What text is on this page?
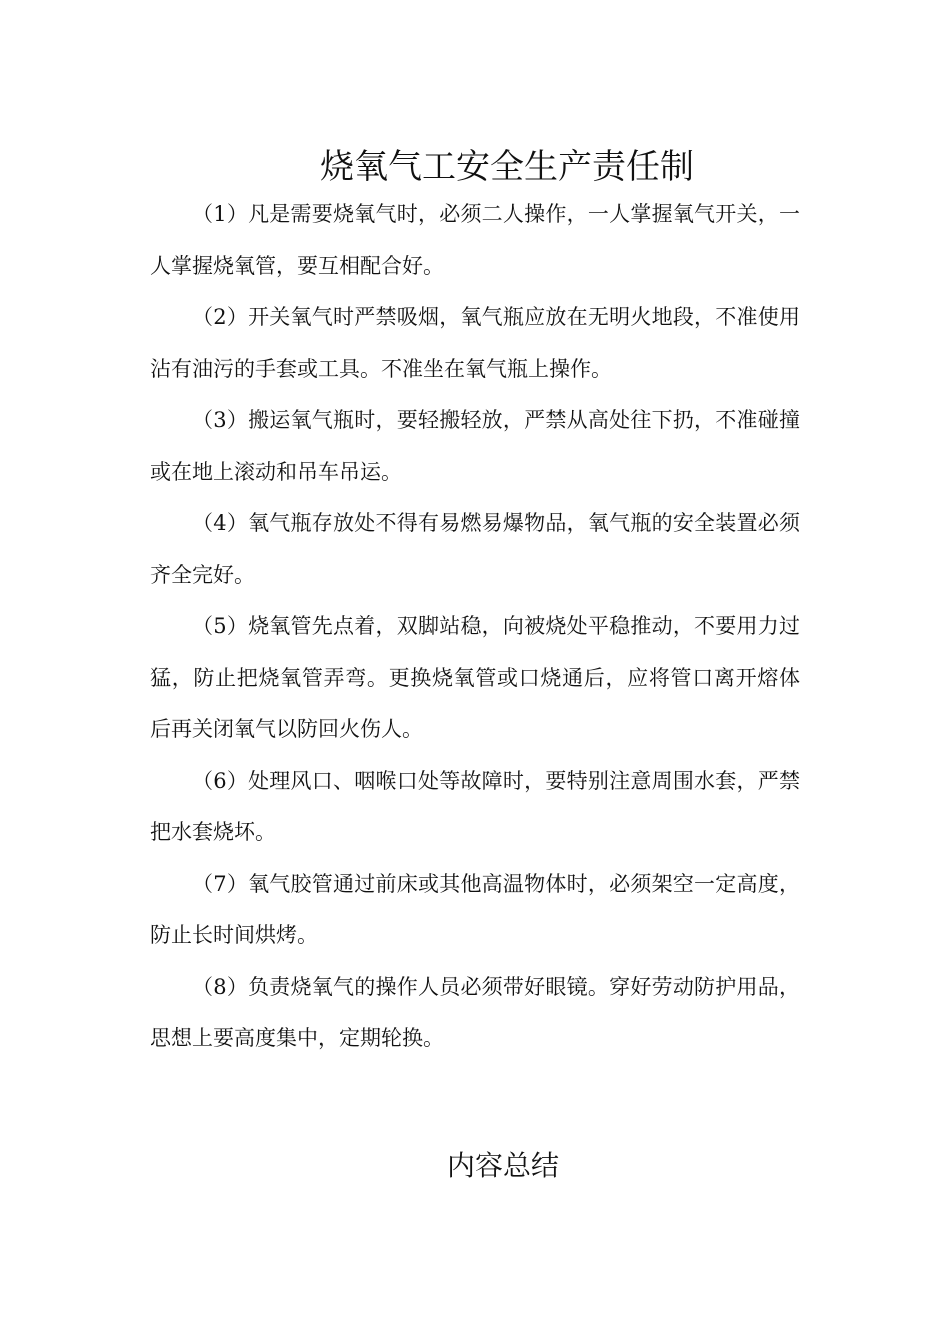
烧氧气工安全生产责任制

（1）凡是需要烧氧气时，必须二人操作，一人掌握氧气开关，一人掌握烧氧管，要互相配合好。

（2）开关氧气时严禁吸烟，氧气瓶应放在无明火地段，不准使用沾有油污的手套或工具。不准坐在氧气瓶上操作。

（3）搬运氧气瓶时，要轻搬轻放，严禁从高处往下扔，不准碰撞或在地上滚动和吊车吊运。

（4）氧气瓶存放处不得有易燃易爆物品，氧气瓶的安全装置必须齐全完好。

（5）烧氧管先点着，双脚站稳，向被烧处平稳推动，不要用力过猛，防止把烧氧管弄弯。更换烧氧管或口烧通后，应将管口离开熔体后再关闭氧气以防回火伤人。

（6）处理风口、咽喉口处等故障时，要特别注意周围水套，严禁把水套烧坏。

（7）氧气胶管通过前床或其他高温物体时，必须架空一定高度，防止长时间烘烤。

（8）负责烧氧气的操作人员必须带好眼镜。穿好劳动防护用品，思想上要高度集中，定期轮换。

内容总结
